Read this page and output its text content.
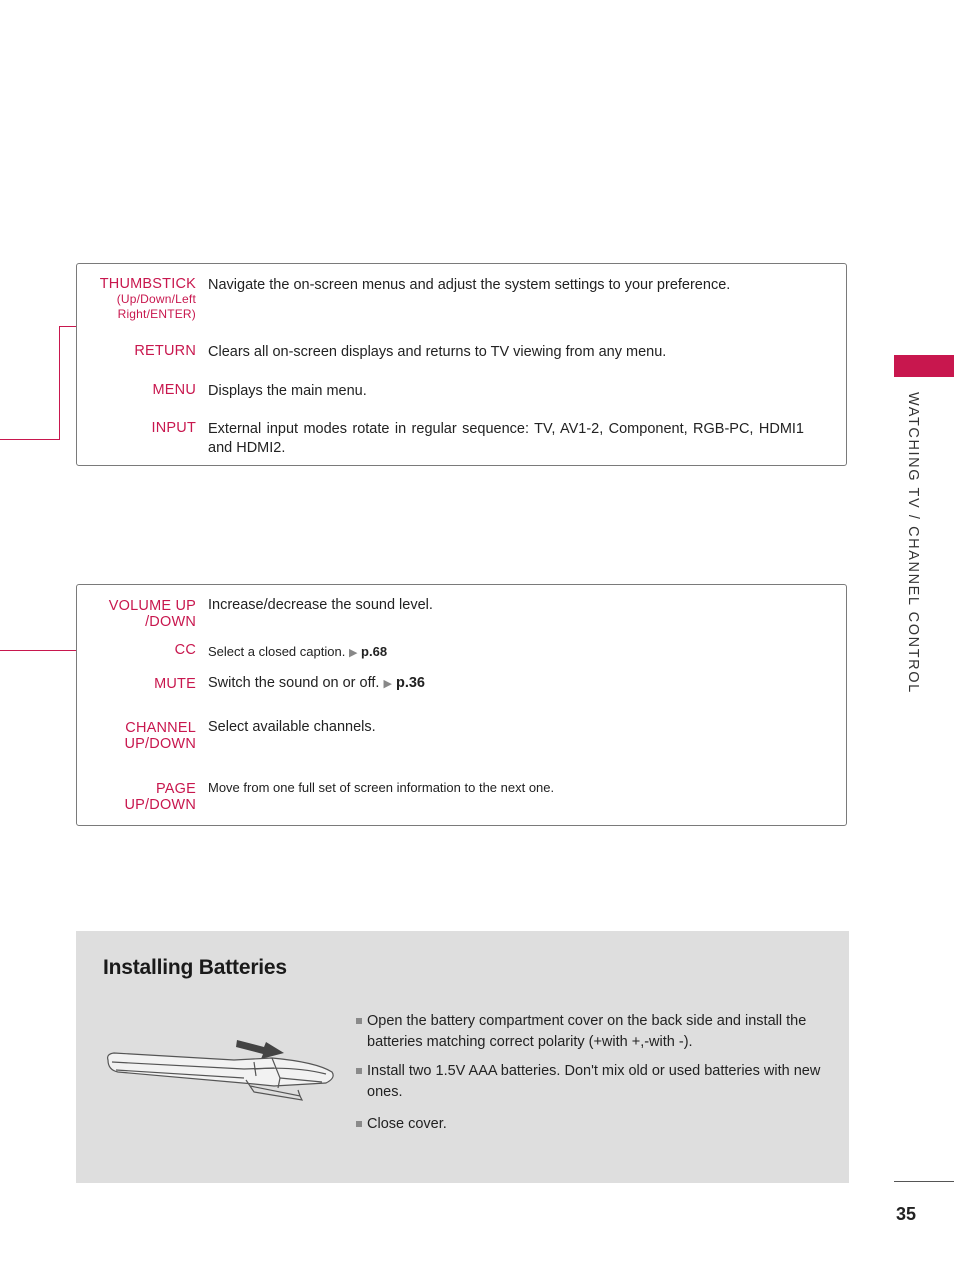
THUMBSTICK
(Up/Down/Left Right/ENTER)
Navigate the on-screen menus and adjust the system settings to your preference.
RETURN Clears all on-screen displays and returns to TV viewing from any menu.
MENU Displays the main menu.
INPUT External input modes rotate in regular sequence: TV, AV1-2, Component, RGB-PC, HDMI1 and HDMI2.
VOLUME UP /DOWN
Increase/decrease the sound level.
CC Select a closed caption. ▶ p.68
MUTE Switch the sound on or off. ▶ p.36
CHANNEL UP/DOWN
Select available channels.
PAGE UP/DOWN
Move from one full set of screen information to the next one.
WATCHING TV / CHANNEL CONTROL
Installing Batteries
Open the battery compartment cover on the back side and install the batteries matching correct polarity (+with +,-with -).
Install two 1.5V AAA batteries. Don't mix old or used batteries with new ones.
Close cover.
35
